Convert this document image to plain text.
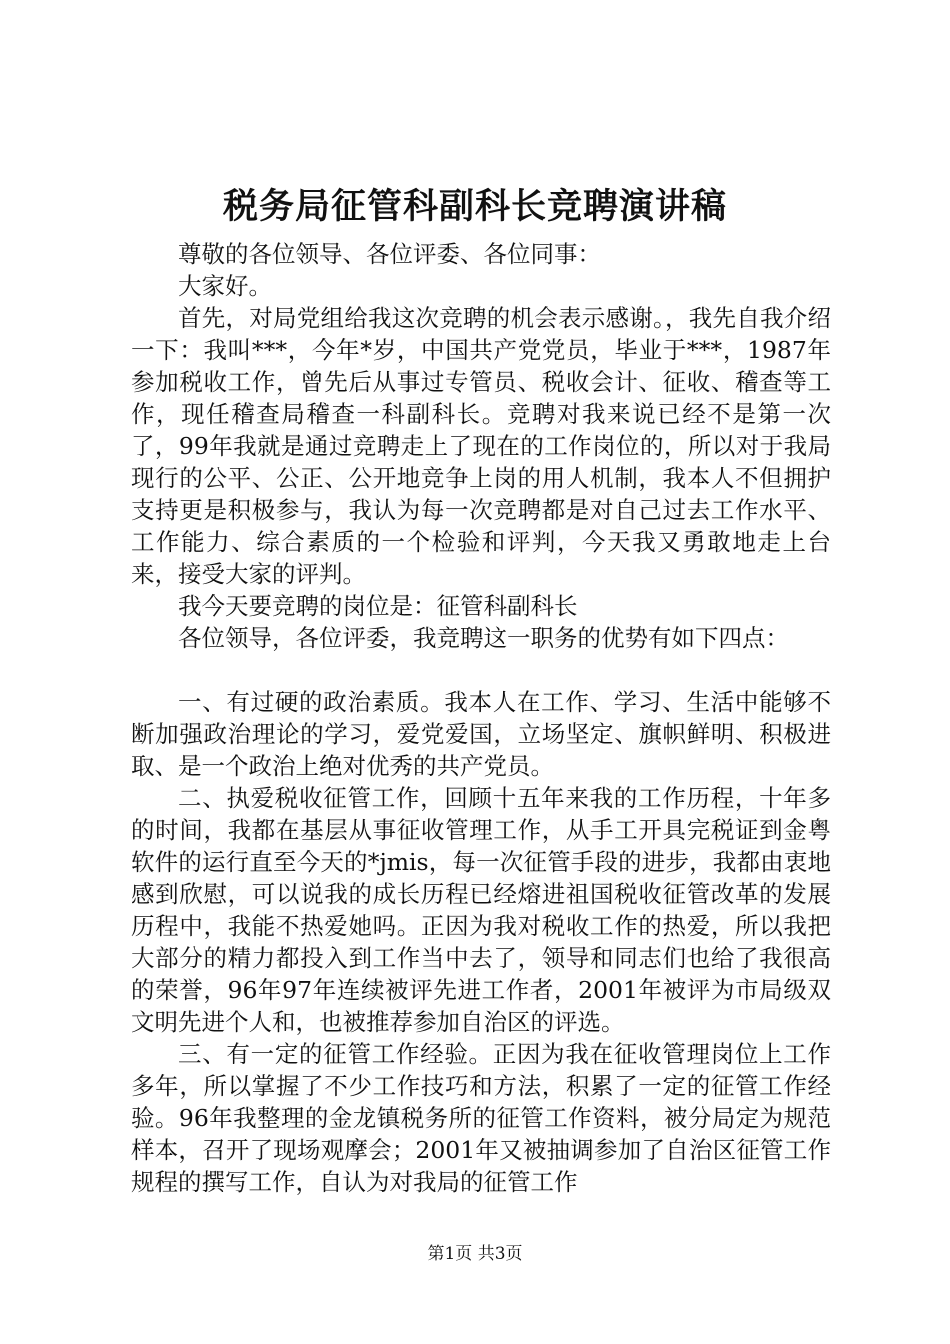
税务局征管科副科长竞聘演讲稿

尊敬的各位领导、各位评委、各位同事：

大家好。

首先，对局党组给我这次竞聘的机会表示感谢。，我先自我介绍一下：我叫***，今年*岁，中国共产党党员，毕业于***，1987年参加税收工作，曾先后从事过专管员、税收会计、征收、稽查等工作，现任稽查局稽查一科副科长。竞聘对我来说已经不是第一次了，99年我就是通过竞聘走上了现在的工作岗位的，所以对于我局现行的公平、公正、公开地竞争上岗的用人机制，我本人不但拥护支持更是积极参与，我认为每一次竞聘都是对自己过去工作水平、工作能力、综合素质的一个检验和评判，今天我又勇敢地走上台来，接受大家的评判。

我今天要竞聘的岗位是：征管科副科长

各位领导，各位评委，我竞聘这一职务的优势有如下四点：

一、有过硬的政治素质。我本人在工作、学习、生活中能够不断加强政治理论的学习，爱党爱国，立场坚定、旗帜鲜明、积极进取、是一个政治上绝对优秀的共产党员。

二、执爱税收征管工作，回顾十五年来我的工作历程，十年多的时间，我都在基层从事征收管理工作，从手工开具完税证到金粤软件的运行直至今天的*jmis，每一次征管手段的进步，我都由衷地感到欣慰，可以说我的成长历程已经熔进祖国税收征管改革的发展历程中，我能不热爱她吗。正因为我对税收工作的热爱，所以我把大部分的精力都投入到工作当中去了，领导和同志们也给了我很高的荣誉，96年97年连续被评先进工作者，2001年被评为市局级双文明先进个人和，也被推荐参加自治区的评选。

三、有一定的征管工作经验。正因为我在征收管理岗位上工作多年，所以掌握了不少工作技巧和方法，积累了一定的征管工作经验。96年我整理的金龙镇税务所的征管工作资料，被分局定为规范样本，召开了现场观摩会；2001年又被抽调参加了自治区征管工作规程的撰写工作，自认为对我局的征管工作

第1页 共3页
